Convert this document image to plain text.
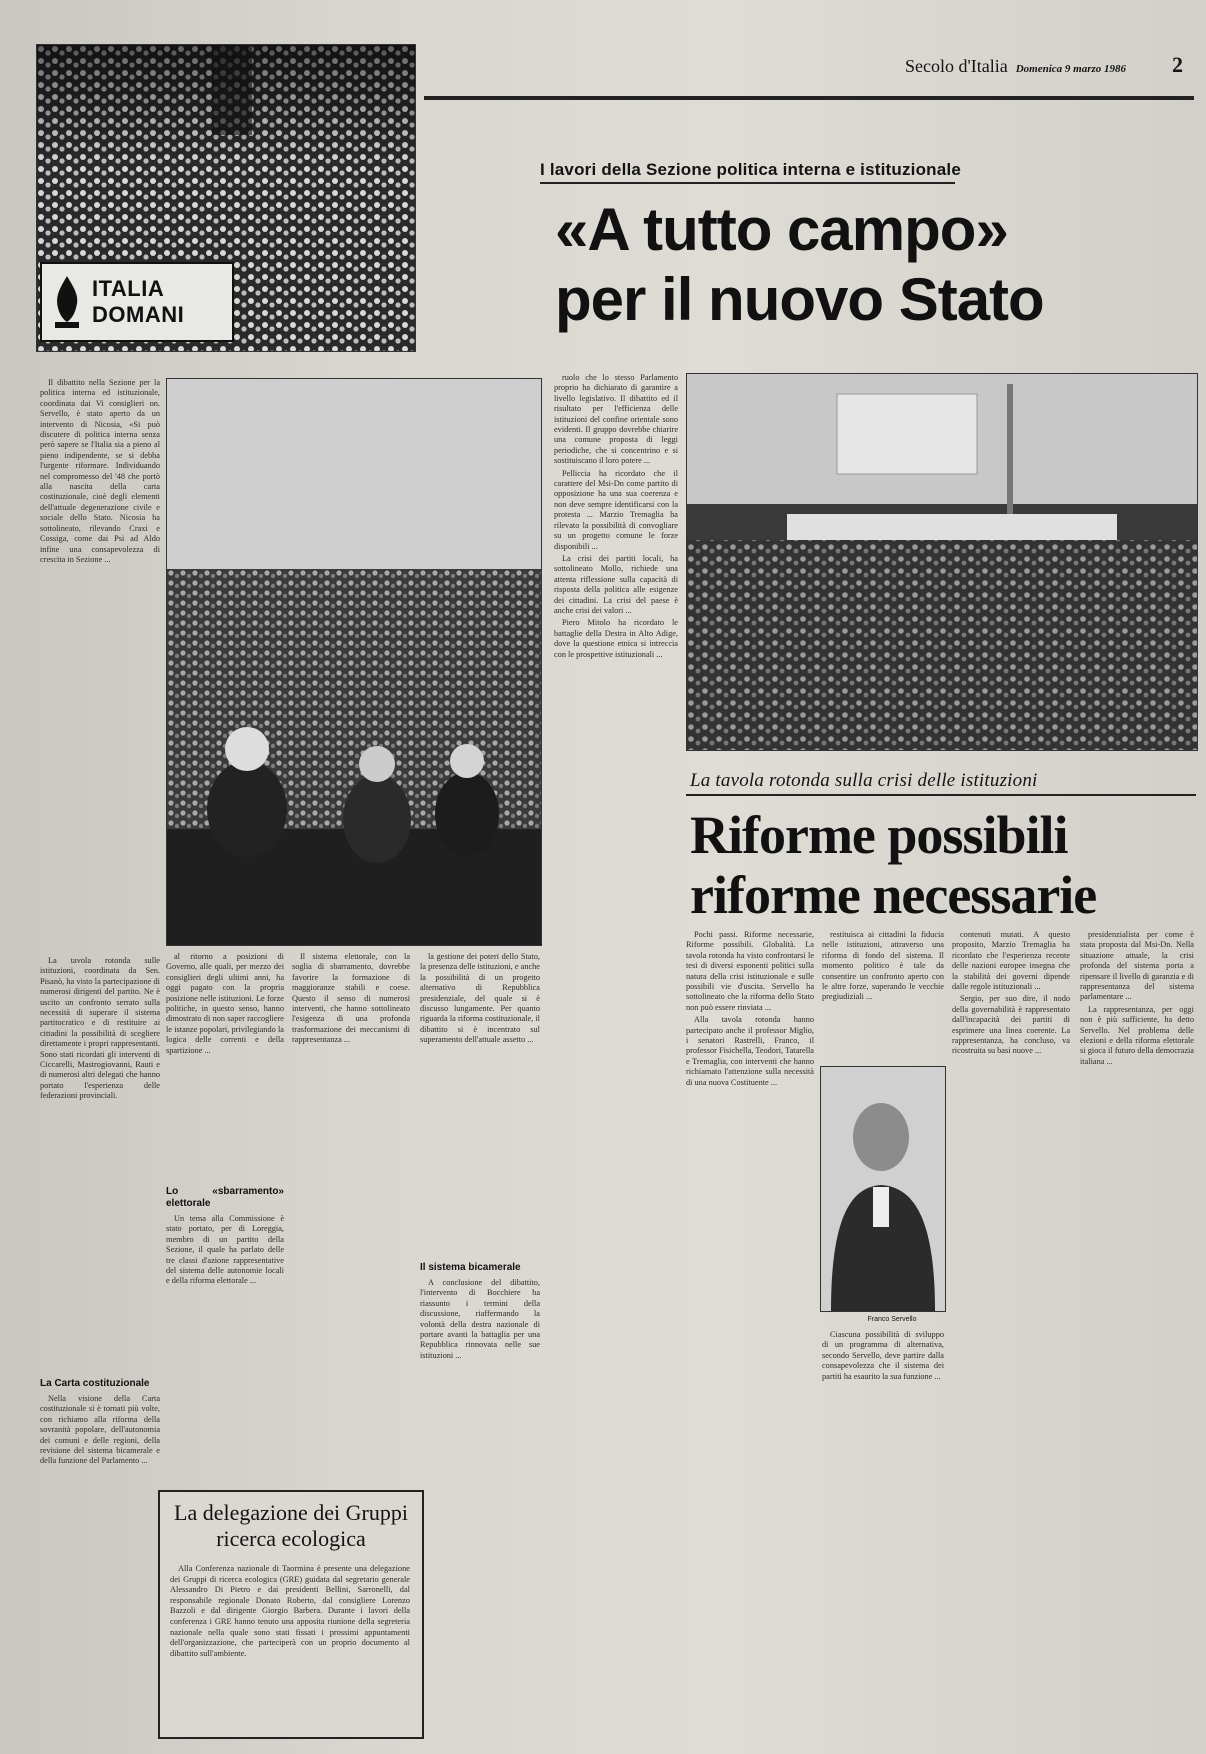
Secolo d'Italia Domenica 9 marzo 1986 2
ITALIA
DOMANI
I lavori della Sezione politica interna e istituzionale
«A tutto campo»
per il nuovo Stato
La tavola rotonda sulla crisi delle istituzioni
Riforme possibili
riforme necessarie

Il dibattito nella Sezione per la politica interna ed istituzionale, coordinata dai Vi consiglieri on. Servello, è stato aperto da un intervento di Nicosia, «Si può discutere di politica interna senza però sapere se l'Italia sia a pieno al pieno indipendente, se si debba l'urgente riformare. Individuando nel compromesso del '48 che portò alla nascita della carta costituzionale, cioè degli elementi dell'attuale degenerazione civile e sociale dello Stato. Nicosia ha sottolineato, rilevando Craxi e Cossiga, come dai Psi ad Aldo infine una consapevolezza di crescita in Sezione ...

La tavola rotonda sulle istituzioni, coordinata da Sen. Pisanò, ha visto la partecipazione di numerosi dirigenti del partito. Ne è uscito un confronto serrato sulla necessità di superare il sistema partitocratico e di restituire ai cittadini la possibilità di scegliere direttamente i propri rappresentanti. Sono stati ricordati gli interventi di Ciccarelli, Mastrogiovanni, Rauti e di numerosi altri delegati che hanno portato l'esperienza delle federazioni provinciali.

La Carta costituzionale

Nella visione della Carta costituzionale si è tornati più volte, con richiamo alla riforma della sovranità popolare, dell'autonomia dei comuni e delle regioni, della revisione del sistema bicamerale e della funzione del Parlamento ...

al ritorno a posizioni di Governo, alle quali, per mezzo dei consiglieri degli ultimi anni, ha oggi pagato con la propria posizione nelle istituzioni. Le forze politiche, in questo senso, hanno dimostrato di non saper raccogliere le istanze popolari, privilegiando la logica delle correnti e della spartizione ...

Lo «sbarramento» elettorale

Un tema alla Commissione è stato portato, per di Loreggia, membro di un partito della Sezione, il quale ha parlato delle tre classi d'azione rappresentative del sistema delle autonomie locali e della riforma elettorale ...

Il sistema elettorale, con la soglia di sbarramento, dovrebbe favorire la formazione di maggioranze stabili e coese. Questo il senso di numerosi interventi, che hanno sottolineato l'esigenza di una profonda trasformazione dei meccanismi di rappresentanza ...

la gestione dei poteri dello Stato, la presenza delle istituzioni, e anche la possibilità di un progetto alternativo di Repubblica presidenziale, del quale si è discusso lungamente. Per quanto riguarda la riforma costituzionale, il dibattito si è incentrato sul superamento dell'attuale assetto ...

Il sistema bicamerale

A conclusione del dibattito, l'intervento di Bocchiere ha riassunto i termini della discussione, riaffermando la volontà della destra nazionale di portare avanti la battaglia per una Repubblica rinnovata nelle sue istituzioni ...

ruolo che lo stesso Parlamento proprio ha dichiarato di garantire a livello legislativo. Il dibattito ed il risultato per l'efficienza delle istituzioni del confine orientale sono evidenti. Il gruppo dovrebbe chiarire una comune proposta di leggi periodiche, che si concentrino e si sostituiscano il loro potere ...

Pelliccia ha ricordato che il carattere del Msi-Dn come partito di opposizione ha una sua coerenza e non deve sempre identificarsi con la protesta ... Marzio Tremaglia ha rilevato la possibilità di convogliare su un progetto comune le forze disponibili ...

La crisi dei partiti locali, ha sottolineato Mollo, richiede una attenta riflessione sulla capacità di risposta della politica alle esigenze dei cittadini. La crisi del paese è anche crisi dei valori ...

Piero Mitolo ha ricordato le battaglie della Destra in Alto Adige, dove la questione etnica si intreccia con le prospettive istituzionali ...

Pochi passi. Riforme necessarie, Riforme possibili. Globalità. La tavola rotonda ha visto confrontarsi le tesi di diversi esponenti politici sulla natura della crisi istituzionale e sulle possibili vie d'uscita. Servello ha sottolineato che la riforma dello Stato non può essere rinviata ...

Alla tavola rotonda hanno partecipato anche il professor Miglio, i senatori Rastrelli, Franco, il professor Fisichella, Teodori, Tatarella e Tremaglia, con interventi che hanno richiamato l'attenzione sulla necessità di una nuova Costituente ...

restituisca ai cittadini la fiducia nelle istituzioni, attraverso una riforma di fondo del sistema. Il momento politico è tale da consentire un confronto aperto con le altre forze, superando le vecchie pregiudiziali ...

Franco Servello

Ciascuna possibilità di sviluppo di un programma di alternativa, secondo Servello, deve partire dalla consapevolezza che il sistema dei partiti ha esaurito la sua funzione ...

contenuti mutati. A questo proposito, Marzio Tremaglia ha ricordato che l'esperienza recente delle nazioni europee insegna che la stabilità dei governi dipende dalle regole istituzionali ...

Sergio, per suo dire, il nodo della governabilità è rappresentato dall'incapacità dei partiti di esprimere una linea coerente. La rappresentanza, ha concluso, va ricostruita su basi nuove ...

presidenzialista per come è stata proposta dal Msi-Dn. Nella situazione attuale, la crisi profonda del sistema porta a ripensare il livello di garanzia e di rappresentanza del sistema parlamentare ...

La rappresentanza, per oggi non è più sufficiente, ha detto Servello. Nel problema delle elezioni e della riforma elettorale si gioca il futuro della democrazia italiana ...

La delegazione dei Gruppi
ricerca ecologica

Alla Conferenza nazionale di Taormina è presente una delegazione dei Gruppi di ricerca ecologica (GRE) guidata dal segretario generale Alessandro Di Pietro e dai presidenti Bellini, Sarronelli, dal responsabile regionale Donato Roberto, dal consigliere Lorenzo Bazzoli e dal dirigente Giorgio Barbera. Durante i lavori della conferenza i GRE hanno tenuto una apposita riunione della segreteria nazionale nella quale sono stati fissati i prossimi appuntamenti dell'organizzazione, che parteciperà con un proprio documento al dibattito sull'ambiente.
